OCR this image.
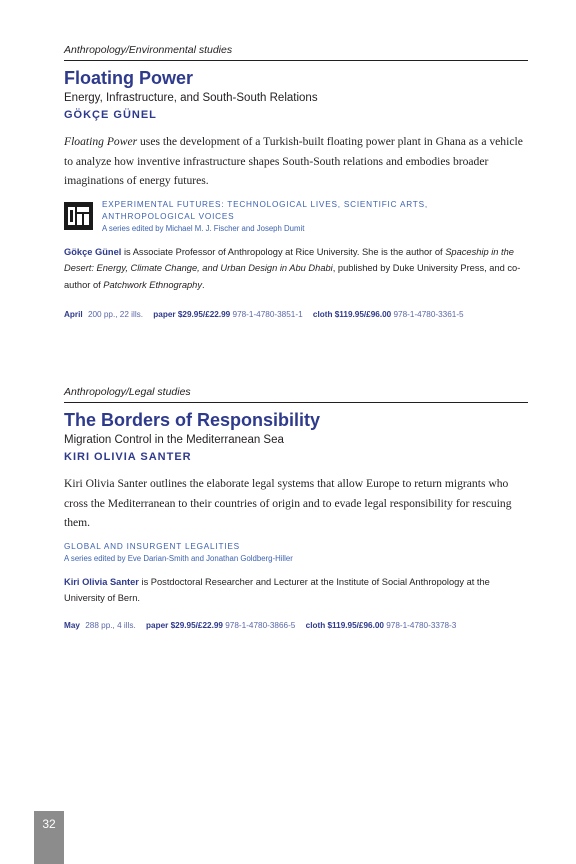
Anthropology/Environmental studies
Floating Power
Energy, Infrastructure, and South-South Relations
GÖKÇE GÜNEL
Floating Power uses the development of a Turkish-built floating power plant in Ghana as a vehicle to analyze how inventive infrastructure shapes South-South relations and embodies broader imaginations of energy futures.
EXPERIMENTAL FUTURES: TECHNOLOGICAL LIVES, SCIENTIFIC ARTS,
ANTHROPOLOGICAL VOICES
A series edited by Michael M. J. Fischer and Joseph Dumit
Gökçe Günel is Associate Professor of Anthropology at Rice University. She is the author of Spaceship in the Desert: Energy, Climate Change, and Urban Design in Abu Dhabi, published by Duke University Press, and co-author of Patchwork Ethnography.
April 200 pp., 22 ills. paper $29.95/£22.99 978-1-4780-3851-1 cloth $119.95/£96.00 978-1-4780-3361-5
Anthropology/Legal studies
The Borders of Responsibility
Migration Control in the Mediterranean Sea
KIRI OLIVIA SANTER
Kiri Olivia Santer outlines the elaborate legal systems that allow Europe to return migrants who cross the Mediterranean to their countries of origin and to evade legal responsibility for rescuing them.
GLOBAL AND INSURGENT LEGALITIES
A series edited by Eve Darian-Smith and Jonathan Goldberg-Hiller
Kiri Olivia Santer is Postdoctoral Researcher and Lecturer at the Institute of Social Anthropology at the University of Bern.
May 288 pp., 4 ills. paper $29.95/£22.99 978-1-4780-3866-5 cloth $119.95/£96.00 978-1-4780-3378-3
32
